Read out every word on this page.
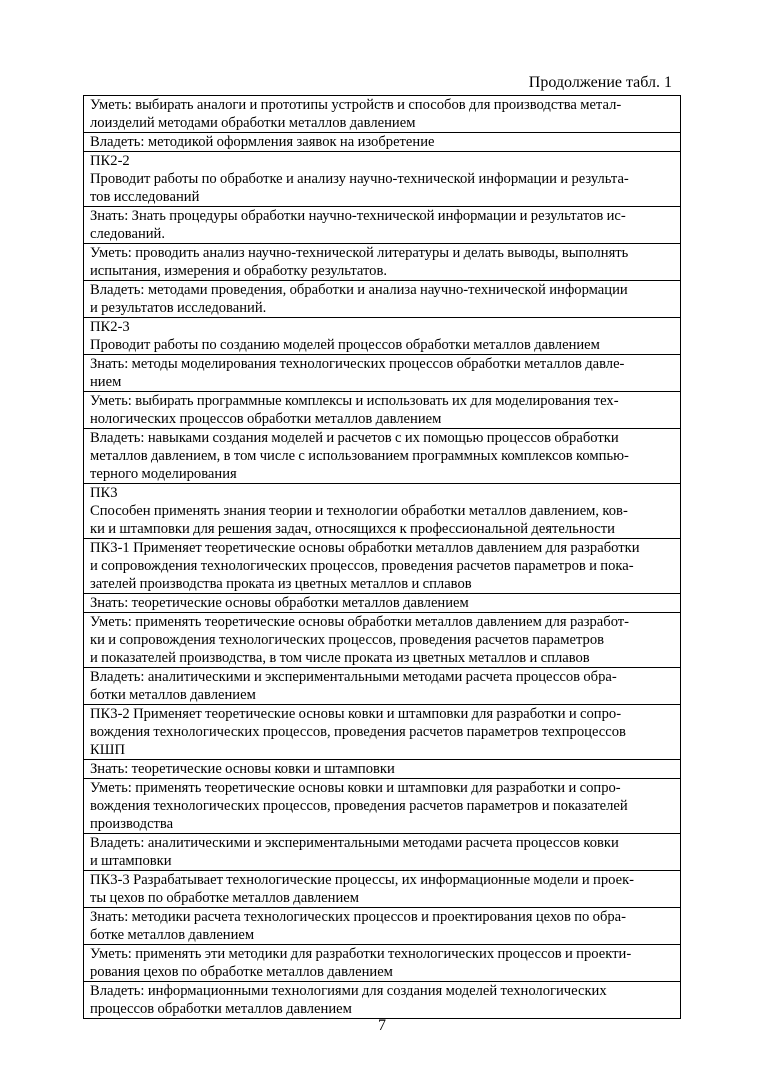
Продолжение табл. 1
Уметь: выбирать аналоги и прототипы устройств и способов для производства метал-
лоизделий методами обработки металлов давлением

Владеть: методикой оформления заявок на изобретение

ПК2-2
Проводит работы по обработке и анализу научно-технической информации и результа-
тов исследований

Знать: Знать процедуры обработки научно-технической информации и результатов ис-
следований.

Уметь: проводить анализ научно-технической литературы и делать выводы, выполнять
испытания, измерения и обработку результатов.

Владеть: методами проведения, обработки и анализа научно-технической информации
и результатов исследований.

ПК2-3
Проводит работы по созданию моделей процессов обработки металлов давлением

Знать: методы моделирования технологических процессов обработки металлов давле-
нием

Уметь: выбирать программные комплексы и использовать их для моделирования тех-
нологических процессов обработки металлов давлением

Владеть: навыками создания моделей и расчетов с их помощью процессов обработки
металлов давлением, в том числе с использованием программных комплексов компью-
терного моделирования

ПК3
Способен применять знания теории и технологии обработки металлов давлением, ков-
ки и штамповки для решения задач, относящихся к профессиональной деятельности

ПК3-1 Применяет теоретические основы обработки металлов давлением для разработки
и сопровождения технологических процессов, проведения расчетов параметров и пока-
зателей производства проката из цветных металлов и сплавов

Знать: теоретические основы обработки металлов давлением

Уметь: применять теоретические основы обработки металлов давлением для разработ-
ки и сопровождения технологических процессов, проведения расчетов параметров
и показателей производства, в том числе проката из цветных металлов и сплавов

Владеть: аналитическими и экспериментальными методами расчета процессов обра-
ботки металлов давлением

ПК3-2 Применяет теоретические основы ковки и штамповки для разработки и сопро-
вождения технологических процессов, проведения расчетов параметров техпроцессов
КШП

Знать: теоретические основы ковки и штамповки

Уметь: применять теоретические основы ковки и штамповки для разработки и сопро-
вождения технологических процессов, проведения расчетов параметров и показателей
производства

Владеть: аналитическими и экспериментальными методами расчета процессов ковки
и штамповки

ПК3-3 Разрабатывает технологические процессы, их информационные модели и проек-
ты цехов по обработке металлов давлением

Знать: методики расчета технологических процессов и проектирования цехов по обра-
ботке металлов давлением

Уметь: применять эти методики для разработки технологических процессов и проекти-
рования цехов по обработке металлов давлением

Владеть: информационными технологиями для создания моделей технологических
процессов обработки металлов давлением
7
